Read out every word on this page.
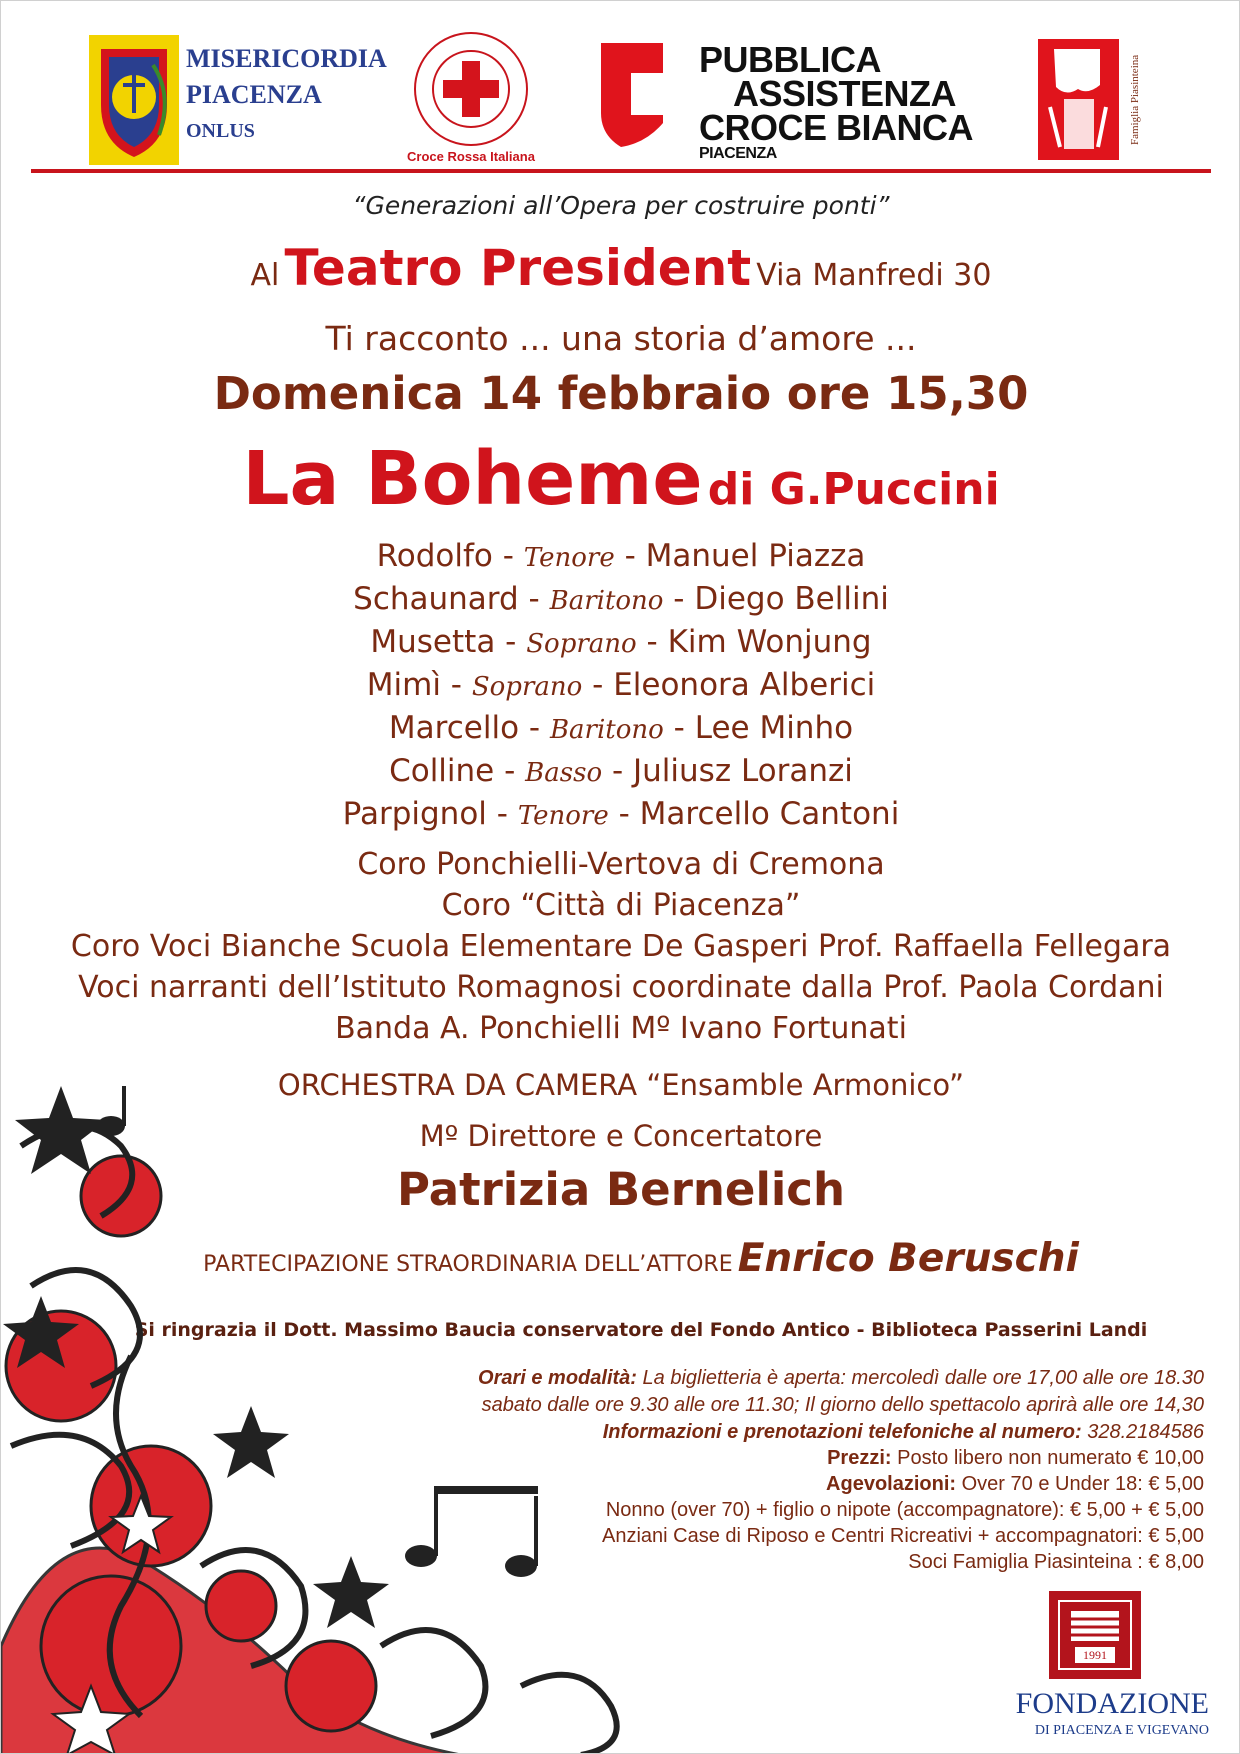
MISERICORDIA
PIACENZA
ONLUS
Croce Rossa Italiana
PUBBLICA
ASSISTENZA
CROCE BIANCA
PIACENZA
Famiglia Piasinteina
“Generazioni all’Opera per costruire ponti”
Al Teatro President Via Manfredi 30
Ti racconto ... una storia d’amore ...
Domenica 14 febbraio ore 15,30
La Boheme di G.Puccini
Rodolfo - Tenore - Manuel Piazza
Schaunard - Baritono - Diego Bellini
Musetta - Soprano - Kim Wonjung
Mimì - Soprano - Eleonora Alberici
Marcello - Baritono - Lee Minho
Colline - Basso - Juliusz Loranzi
Parpignol - Tenore - Marcello Cantoni
Coro Ponchielli-Vertova di Cremona
Coro “Città di Piacenza”
Coro Voci Bianche Scuola Elementare De Gasperi Prof. Raffaella Fellegara
Voci narranti dell’Istituto Romagnosi coordinate dalla Prof. Paola Cordani
Banda A. Ponchielli Mº Ivano Fortunati
ORCHESTRA DA CAMERA “Ensamble Armonico”
Mº Direttore e Concertatore
Patrizia Bernelich
PARTECIPAZIONE STRAORDINARIA DELL’ATTORE Enrico Beruschi
Si ringrazia il Dott. Massimo Baucia conservatore del Fondo Antico - Biblioteca Passerini Landi
Orari e modalità: La biglietteria è aperta: mercoledì dalle ore 17,00 alle ore 18.30
sabato dalle ore 9.30 alle ore 11.30; Il giorno dello spettacolo aprirà alle ore 14,30
Informazioni e prenotazioni telefoniche al numero: 328.2184586
Prezzi: Posto libero non numerato € 10,00
Agevolazioni: Over 70 e Under 18: € 5,00
Nonno (over 70) + figlio o nipote (accompagnatore): € 5,00 + € 5,00
Anziani Case di Riposo e Centri Ricreativi + accompagnatori: € 5,00
Soci Famiglia Piasinteina : € 8,00
1991
FONDAZIONE
DI PIACENZA E VIGEVANO
